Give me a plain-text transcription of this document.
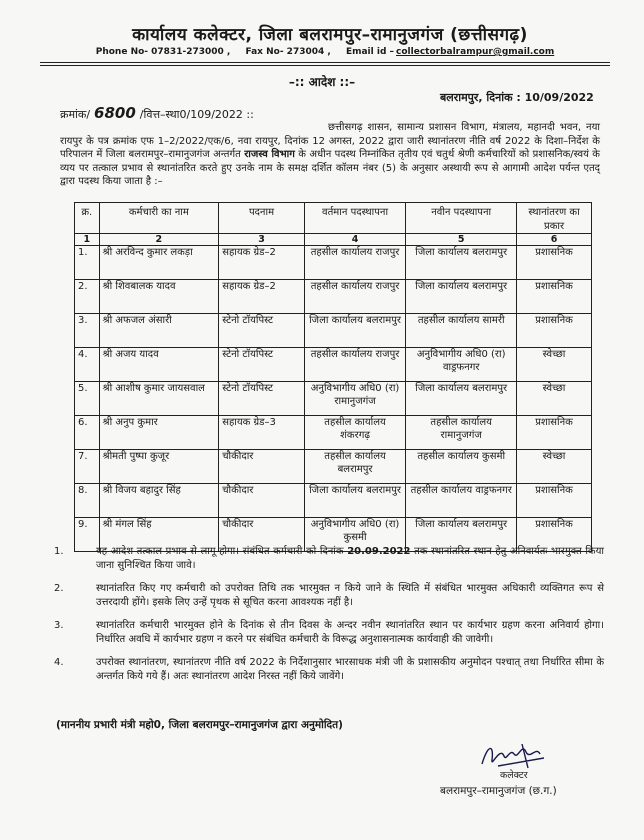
कार्यालय कलेक्टर, जिला बलरामपुर–रामानुजगंज (छत्तीसगढ़)
Phone No- 07831-273000 , Fax No- 273004 , Email id – collectorbalrampur@gmail.com
–:: आदेश ::–
बलरामपुर, दिनांक : 10/09/2022
क्रमांक/ 6800 /वित्त–स्था0/109/2022 ::
छत्तीसगढ़ शासन, सामान्य प्रशासन विभाग, मंत्रालय, महानदी भवन, नया रायपुर के पत्र क्रमांक एफ 1–2/2022/एक/6, नवा रायपुर, दिनांक 12 अगस्त, 2022 द्वारा जारी स्थानांतरण नीति वर्ष 2022 के दिशा–निर्देश के परिपालन में जिला बलरामपुर–रामानुजगंज अन्तर्गत राजस्व विभाग के अधीन पदस्थ निम्नांकित तृतीय एवं चतुर्थ श्रेणी कर्मचारियों को प्रशासनिक/स्वयं के व्यय पर तत्काल प्रभाव से स्थानांतरित करते हुए उनके नाम के समक्ष दर्शित कॉलम नंबर (5) के अनुसार अस्थायी रूप से आगामी आदेश पर्यन्त एतद् द्वारा पदस्थ किया जाता है :–
क्र.	कर्मचारी का नाम	पदनाम	वर्तमान पदस्थापना	नवीन पदस्थापना	स्थानांतरण का प्रकार
1	2	3	4	5	6
1.	श्री अरविन्द कुमार लकड़ा	सहायक ग्रेड–2	तहसील कार्यालय राजपुर	जिला कार्यालय बलरामपुर	प्रशासनिक
2.	श्री शिवबालक यादव	सहायक ग्रेड–2	तहसील कार्यालय राजपुर	जिला कार्यालय बलरामपुर	प्रशासनिक
3.	श्री अफजल अंसारी	स्टेनो टॉयपिस्ट	जिला कार्यालय बलरामपुर	तहसील कार्यालय सामरी	प्रशासनिक
4.	श्री अजय यादव	स्टेनो टॉयपिस्ट	तहसील कार्यालय राजपुर	अनुविभागीय अधि0 (रा) वाड्रफनगर	स्वेच्छा
5.	श्री आशीष कुमार जायसवाल	स्टेनो टॉयपिस्ट	अनुविभागीय अधि0 (रा) रामानुजगंज	जिला कार्यालय बलरामपुर	स्वेच्छा
6.	श्री अनुप कुमार	सहायक ग्रेड–3	तहसील कार्यालय शंकरगढ़	तहसील कार्यालय रामानुजगंज	प्रशासनिक
7.	श्रीमती पुष्पा कुजूर	चौकीदार	तहसील कार्यालय बलरामपुर	तहसील कार्यालय कुसमी	स्वेच्छा
8.	श्री विजय बहादुर सिंह	चौकीदार	जिला कार्यालय बलरामपुर	तहसील कार्यालय वाड्रफनगर	प्रशासनिक
9.	श्री मंगल सिंह	चौकीदार	अनुविभागीय अधि0 (रा) कुसमी	जिला कार्यालय बलरामपुर	प्रशासनिक
1.	यह आदेश तत्काल प्रभाव से लागू होगा। संबंधित कर्मचारी को दिनांक 20.09.2022 तक स्थानांतरित स्थान हेतु अनिवार्यतः भारमुक्त किया जाना सुनिश्चित किया जावे।
2.	स्थानांतरित किए गए कर्मचारी को उपरोक्त तिथि तक भारमुक्त न किये जाने के स्थिति में संबंधित भारमुक्त अधिकारी व्यक्तिगत रूप से उत्तरदायी होंगे। इसके लिए उन्हें पृथक से सूचित करना आवश्यक नहीं है।
3.	स्थानांतरित कर्मचारी भारमुक्त होने के दिनांक से तीन दिवस के अन्दर नवीन स्थानांतरित स्थान पर कार्यभार ग्रहण करना अनिवार्य होगा। निर्धारित अवधि में कार्यभार ग्रहण न करने पर संबंधित कर्मचारी के विरूद्ध अनुशासनात्मक कार्यवाही की जावेगी।
4.	उपरोक्त स्थानांतरण, स्थानांतरण नीति वर्ष 2022 के निर्देशानुसार भारसाधक मंत्री जी के प्रशासकीय अनुमोदन पश्चात् तथा निर्धारित सीमा के अन्तर्गत किये गये हैं। अतः स्थानांतरण आदेश निरस्त नहीं किये जावेंगे।
(माननीय प्रभारी मंत्री महो0, जिला बलरामपुर–रामानुजगंज द्वारा अनुमोदित)
कलेक्टर
बलरामपुर–रामानुजगंज (छ.ग.)
